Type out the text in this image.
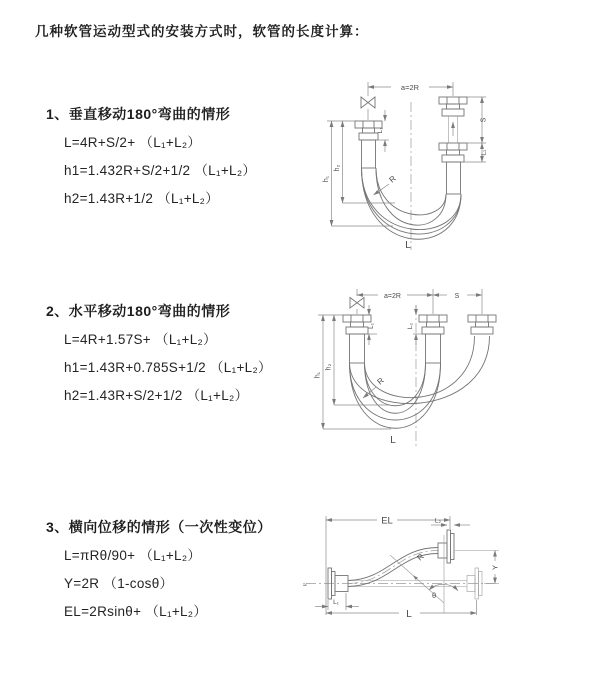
几种软管运动型式的安装方式时，软管的长度计算：
1、垂直移动180°弯曲的情形
L=4R+S/2+ （L₁+L₂）
h1=1.432R+S/2+1/2 （L₁+L₂）
h2=1.43R+1/2 （L₁+L₂）
2、水平移动180°弯曲的情形
L=4R+1.57S+ （L₁+L₂）
h1=1.43R+0.785S+1/2 （L₁+L₂）
h2=1.43R+S/2+1/2 （L₁+L₂）
3、横向位移的情形（一次性变位）
L=πRθ/90+ （L₁+L₂）
Y=2R （1-cosθ）
EL=2Rsinθ+ （L₁+L₂）
a=2R
S
L₂
L₁
h₁
h₂
R
L
a=2R	S
L₁	L₂
h₁
h₂
R
L
≈
EL	L₂
Y
R
θ
L₁
L
